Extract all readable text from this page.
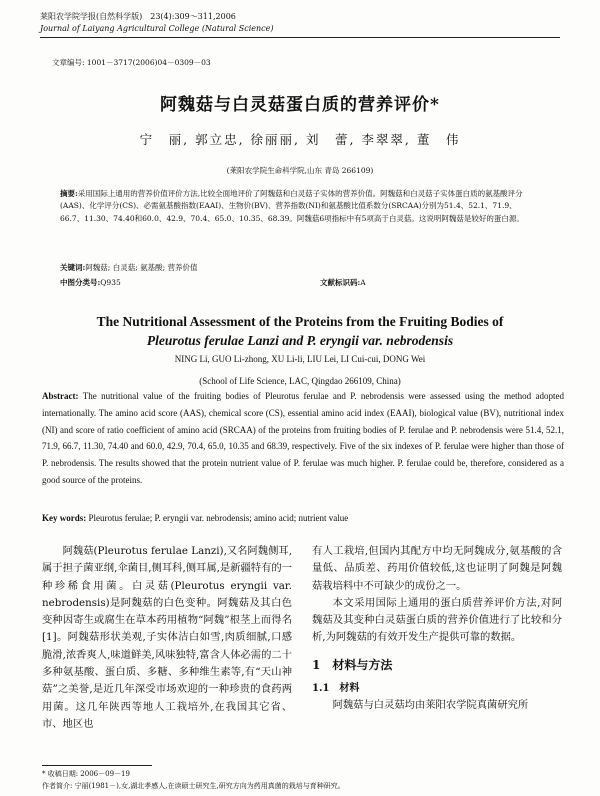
莱阳农学院学报(自然科学版)　23(4):309～311,2006
Journal of Laiyang Agricultural College (Natural Science)
文章编号: 1001－3717(2006)04－0309－03
阿魏菇与白灵菇蛋白质的营养评价*
宁　丽, 郭立忠, 徐丽丽, 刘　蕾, 李翠翠, 董　伟
(莱阳农学院生命科学院,山东 青岛 266109)
摘要:采用国际上通用的营养价值评价方法,比较全面地评价了阿魏菇和白灵菇子实体的营养价值。阿魏菇和白灵菇子实体蛋白质的氨基酸评分(AAS)、化学评分(CS)、必需氨基酸指数(EAAI)、生物价(BV)、营养指数(NI)和氨基酸比值系数分(SRCAA)分别为51.4、52.1、71.9、66.7、11.30、74.40和60.0、42.9、70.4、65.0、10.35、68.39。阿魏菇6项指标中有5项高于白灵菇。这说明阿魏菇是较好的蛋白源。
关键词:阿魏菇; 白灵菇; 氨基酸; 营养价值
中图分类号:Q935	文献标识码:A
The Nutritional Assessment of the Proteins from the Fruiting Bodies of
Pleurotus ferulae Lanzi and P. eryngii var. nebrodensis
NING Li, GUO Li-zhong, XU Li-li, LIU Lei, LI Cui-cui, DONG Wei
(School of Life Science, LAC, Qingdao 266109, China)
Abstract: The nutritional value of the fruiting bodies of Pleurotus ferulae and P. nebrodensis were assessed using the method adopted internationally. The amino acid score (AAS), chemical score (CS), essential amino acid index (EAAI), biological value (BV), nutritional index (NI) and score of ratio coefficient of amino acid (SRCAA) of the proteins from fruiting bodies of P. ferulae and P. nebrodensis were 51.4, 52.1, 71.9, 66.7, 11.30, 74.40 and 60.0, 42.9, 70.4, 65.0, 10.35 and 68.39, respectively. Five of the six indexes of P. ferulae were higher than those of P. nebrodensis. The results showed that the protein nutrient value of P. ferulae was much higher. P. ferulae could be, therefore, considered as a good source of the proteins.
Key words: Pleurotus ferulae; P. eryngii var. nebrodensis; amino acid; nutrient value

阿魏菇(Pleurotus ferulae Lanzi),又名阿魏侧耳,属于担子菌亚纲,伞菌目,侧耳科,侧耳属,是新疆特有的一种珍稀食用菌。白灵菇(Pleurotus eryngii var. nebrodensis)是阿魏菇的白色变种。阿魏菇及其白色变种因寄生或腐生在草本药用植物“阿魏”根茎上而得名[1]。阿魏菇形状美观,子实体洁白如雪,肉质细腻,口感脆滑,浓香爽人,味道鲜美,风味独特,富含人体必需的二十多种氨基酸、蛋白质、多糖、多种维生素等,有“天山神菇”之美誉,是近几年深受市场欢迎的一种珍贵的食药两用菌。这几年陕西等地人工栽培外,在我国其它省、市、地区也

有人工栽培,但国内其配方中均无阿魏成分,氨基酸的含量低、品质差、药用价值较低,这也证明了阿魏是阿魏菇栽培料中不可缺少的成份之一。

本文采用国际上通用的蛋白质营养评价方法,对阿魏菇及其变种白灵菇蛋白质的营养价值进行了比较和分析,为阿魏菇的有效开发生产提供可靠的数据。

1　材料与方法
1.1　材料

阿魏菇与白灵菇均由莱阳农学院真菌研究所

* 收稿日期: 2006－09－19
作者简介: 宁丽(1981－),女,湖北孝感人,在读硕士研究生,研究方向为药用真菌的栽培与育种研究。
